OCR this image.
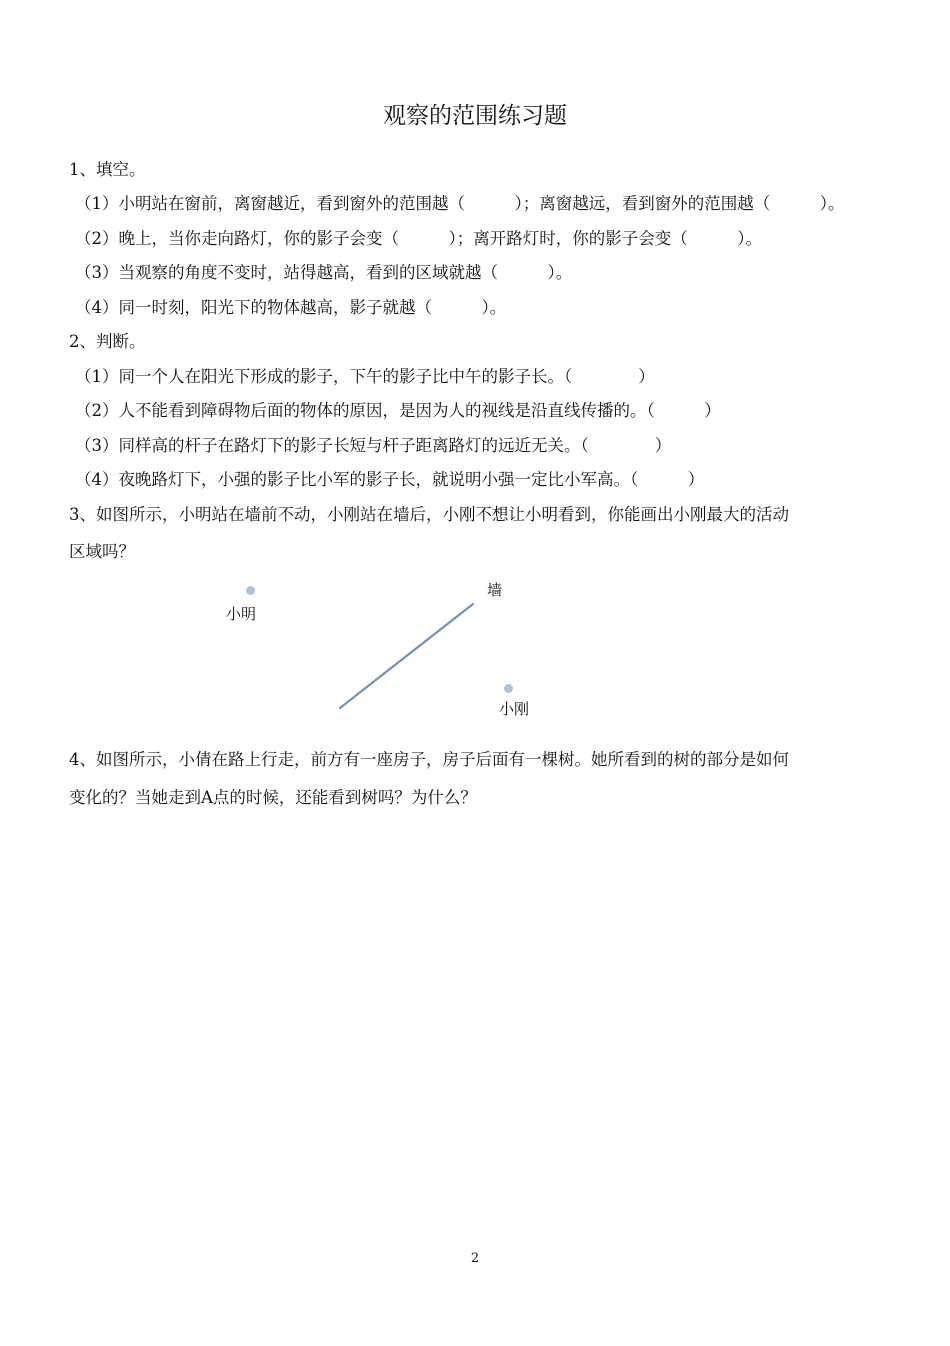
观察的范围练习题
1、填空。
（1）小明站在窗前，离窗越近，看到窗外的范围越（　　　）；离窗越远，看到窗外的范围越（　　　）。
（2）晚上，当你走向路灯，你的影子会变（　　　）；离开路灯时，你的影子会变（　　　）。
（3）当观察的角度不变时，站得越高，看到的区域就越（　　　）。
（4）同一时刻，阳光下的物体越高，影子就越（　　　）。
2、判断。
（1）同一个人在阳光下形成的影子，下午的影子比中午的影子长。（　　　　）
（2）人不能看到障碍物后面的物体的原因，是因为人的视线是沿直线传播的。（　　　）
（3）同样高的杆子在路灯下的影子长短与杆子距离路灯的远近无关。（　　　　）
（4）夜晚路灯下，小强的影子比小军的影子长，就说明小强一定比小军高。（　　　）
3、如图所示，小明站在墙前不动，小刚站在墙后，小刚不想让小明看到，你能画出小刚最大的活动
区域吗？
小明
墙
小刚
4、如图所示，小倩在路上行走，前方有一座房子，房子后面有一棵树。她所看到的树的部分是如何
变化的？当她走到A点的时候，还能看到树吗？为什么？
2
